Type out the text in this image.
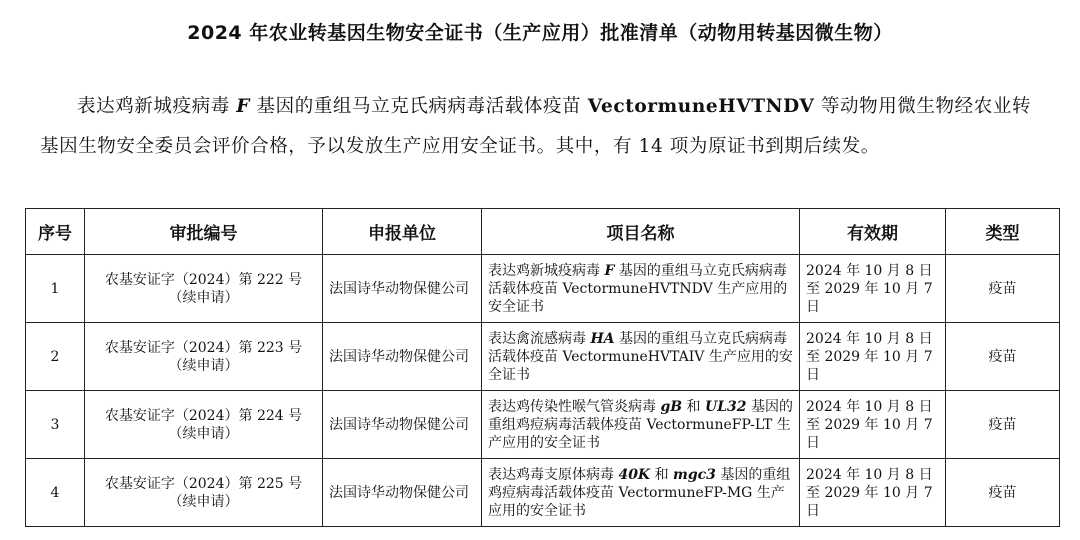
2024 年农业转基因生物安全证书（生产应用）批准清单（动物用转基因微生物）

表达鸡新城疫病毒 F 基因的重组马立克氏病病毒活载体疫苗 VectormuneHVTNDV 等动物用微生物经农业转基因生物安全委员会评价合格，予以发放生产应用安全证书。其中，有 14 项为原证书到期后续发。

序号	审批编号	申报单位	项目名称	有效期	类型
1	农基安证字（2024）第 222 号
（续申请）	法国诗华动物保健公司	表达鸡新城疫病毒 F 基因的重组马立克氏病病毒活载体疫苗 VectormuneHVTNDV 生产应用的安全证书	2024 年 10 月 8 日至 2029 年 10 月 7 日	疫苗
2	农基安证字（2024）第 223 号
（续申请）	法国诗华动物保健公司	表达禽流感病毒 HA 基因的重组马立克氏病病毒活载体疫苗 VectormuneHVTAIV 生产应用的安全证书	2024 年 10 月 8 日至 2029 年 10 月 7 日	疫苗
3	农基安证字（2024）第 224 号
（续申请）	法国诗华动物保健公司	表达鸡传染性喉气管炎病毒 gB 和 UL32 基因的重组鸡痘病毒活载体疫苗 VectormuneFP-LT 生产应用的安全证书	2024 年 10 月 8 日至 2029 年 10 月 7 日	疫苗
4	农基安证字（2024）第 225 号
（续申请）	法国诗华动物保健公司	表达鸡毒支原体病毒 40K 和 mgc3 基因的重组鸡痘病毒活载体疫苗 VectormuneFP-MG 生产应用的安全证书	2024 年 10 月 8 日至 2029 年 10 月 7 日	疫苗
